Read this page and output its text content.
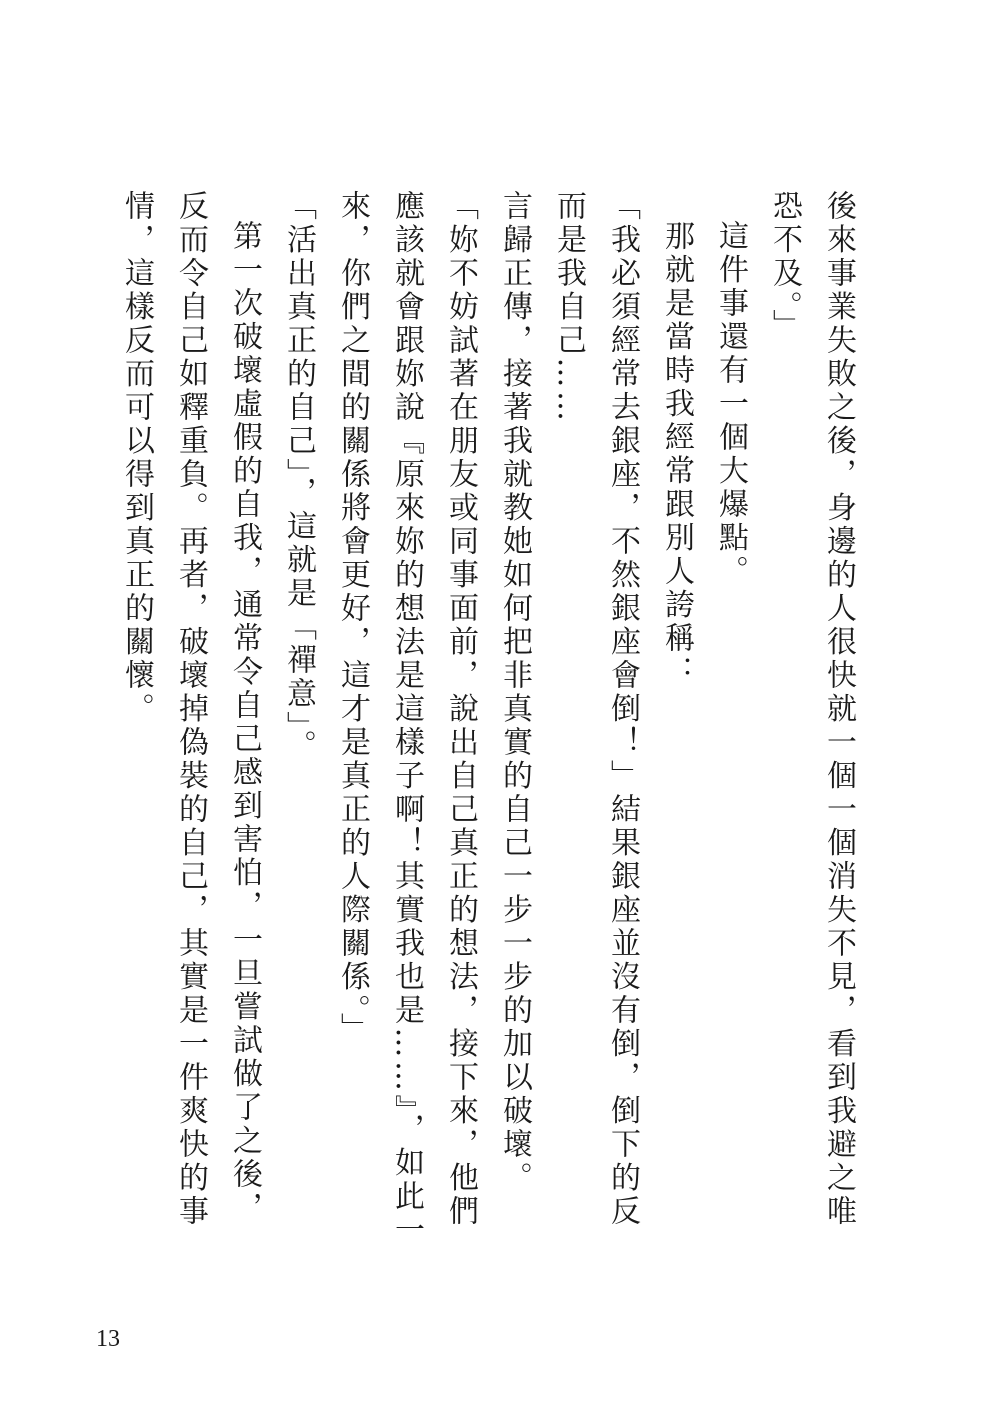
後來事業失敗之後，身邊的人很快就一個一個消失不見，看到我避之唯恐不及。」

這件事還有一個大爆點。

那就是當時我經常跟別人誇稱：

「我必須經常去銀座，不然銀座會倒！」結果銀座並沒有倒，倒下的反而是我自己……

言歸正傳，接著我就教她如何把非真實的自己一步一步的加以破壞。

「妳不妨試著在朋友或同事面前，說出自己真正的想法，接下來，他們應該就會跟妳說『原來妳的想法是這樣子啊！其實我也是……』，如此一來，你們之間的關係將會更好，這才是真正的人際關係。」

「活出真正的自己」，這就是「禪意」。

第一次破壞虛假的自我，通常令自己感到害怕，一旦嘗試做了之後，反而令自己如釋重負。再者，破壞掉偽裝的自己，其實是一件爽快的事情，這樣反而可以得到真正的關懷。

13
